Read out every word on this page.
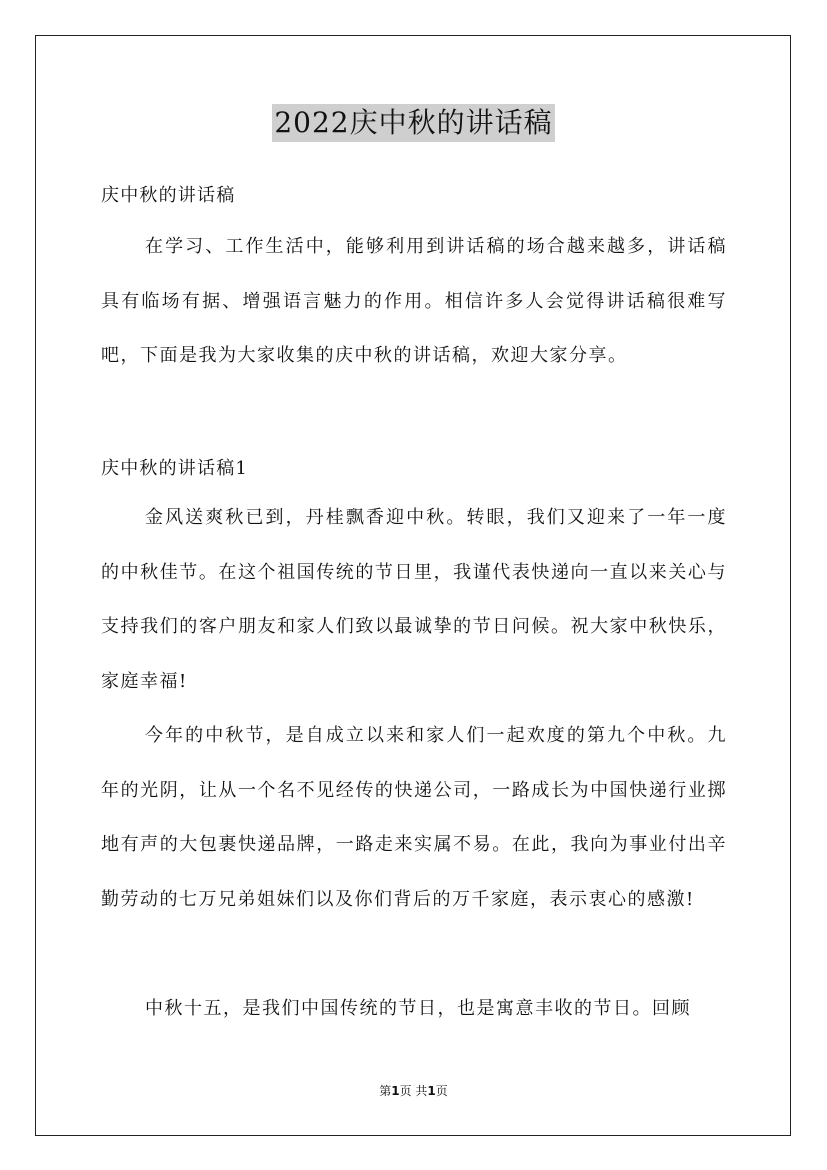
2022庆中秋的讲话稿
庆中秋的讲话稿

在学习、工作生活中，能够利用到讲话稿的场合越来越多，讲话稿具有临场有据、增强语言魅力的作用。相信许多人会觉得讲话稿很难写吧，下面是我为大家收集的庆中秋的讲话稿，欢迎大家分享。

庆中秋的讲话稿1

金风送爽秋已到，丹桂飘香迎中秋。转眼，我们又迎来了一年一度的中秋佳节。在这个祖国传统的节日里，我谨代表快递向一直以来关心与支持我们的客户朋友和家人们致以最诚挚的节日问候。祝大家中秋快乐，家庭幸福!

今年的中秋节，是自成立以来和家人们一起欢度的第九个中秋。九年的光阴，让从一个名不见经传的快递公司，一路成长为中国快递行业掷地有声的大包裹快递品牌，一路走来实属不易。在此，我向为事业付出辛勤劳动的七万兄弟姐妹们以及你们背后的万千家庭，表示衷心的感激!

中秋十五，是我们中国传统的节日，也是寓意丰收的节日。回顾

第1页 共1页
